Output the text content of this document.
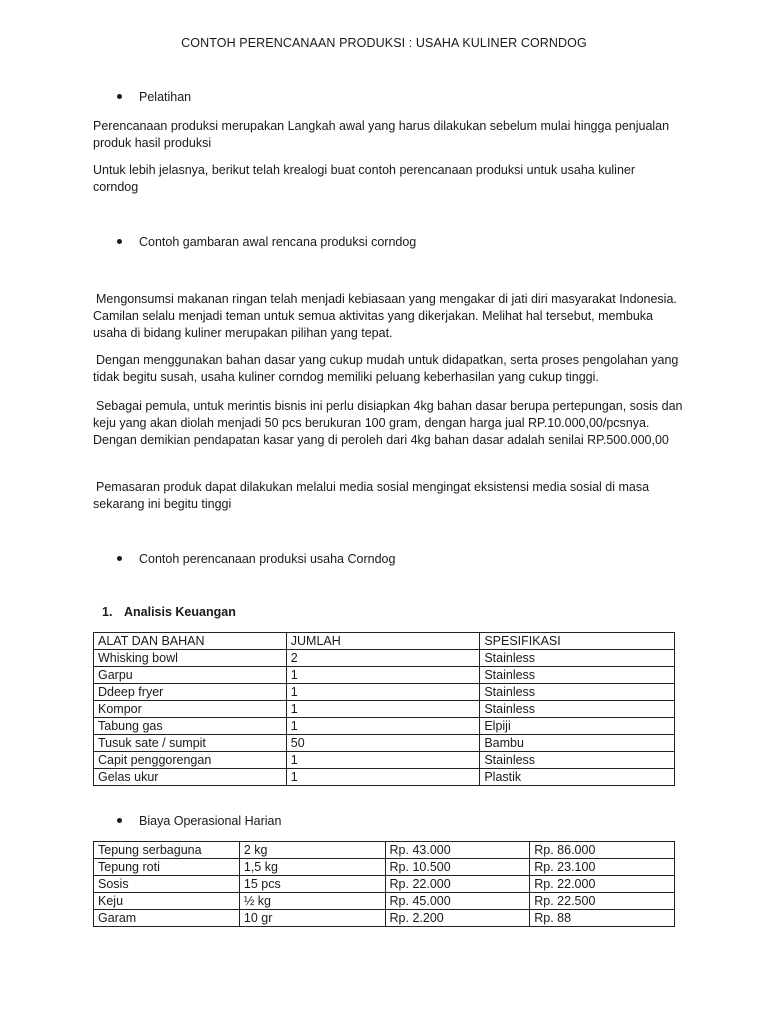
CONTOH PERENCANAAN PRODUKSI : USAHA KULINER CORNDOG
Pelatihan
Perencanaan produksi merupakan Langkah awal yang harus dilakukan sebelum mulai hingga penjualan produk hasil produksi
Untuk lebih jelasnya, berikut telah krealogi buat contoh perencanaan produksi untuk usaha kuliner corndog
Contoh gambaran awal rencana produksi corndog
Mengonsumsi makanan ringan telah menjadi kebiasaan yang mengakar di jati diri masyarakat Indonesia. Camilan selalu menjadi teman untuk semua aktivitas yang dikerjakan. Melihat hal tersebut, membuka usaha di bidang kuliner merupakan pilihan yang tepat.
Dengan menggunakan bahan dasar yang cukup mudah untuk didapatkan, serta proses pengolahan yang tidak begitu susah, usaha kuliner corndog memiliki peluang keberhasilan yang cukup tinggi.
Sebagai pemula, untuk merintis bisnis ini perlu disiapkan 4kg bahan dasar berupa pertepungan, sosis dan keju yang akan diolah menjadi 50 pcs berukuran 100 gram, dengan harga jual RP.10.000,00/pcsnya. Dengan demikian pendapatan kasar yang di peroleh dari 4kg bahan dasar adalah senilai RP.500.000,00
Pemasaran produk dapat dilakukan melalui media sosial mengingat eksistensi media sosial di masa sekarang ini begitu tinggi
Contoh perencanaan produksi usaha Corndog
1. Analisis Keuangan
ALAT DAN BAHAN	JUMLAH	SPESIFIKASI
Whisking bowl	2	Stainless
Garpu	1	Stainless
Ddeep fryer	1	Stainless
Kompor	1	Stainless
Tabung gas	1	Elpiji
Tusuk sate / sumpit	50	Bambu
Capit penggorengan	1	Stainless
Gelas ukur	1	Plastik
Biaya Operasional Harian
Tepung serbaguna	2 kg	Rp. 43.000	Rp. 86.000
Tepung roti	1,5 kg	Rp. 10.500	Rp. 23.100
Sosis	15 pcs	Rp. 22.000	Rp. 22.000
Keju	½ kg	Rp. 45.000	Rp. 22.500
Garam	10 gr	Rp. 2.200	Rp. 88
